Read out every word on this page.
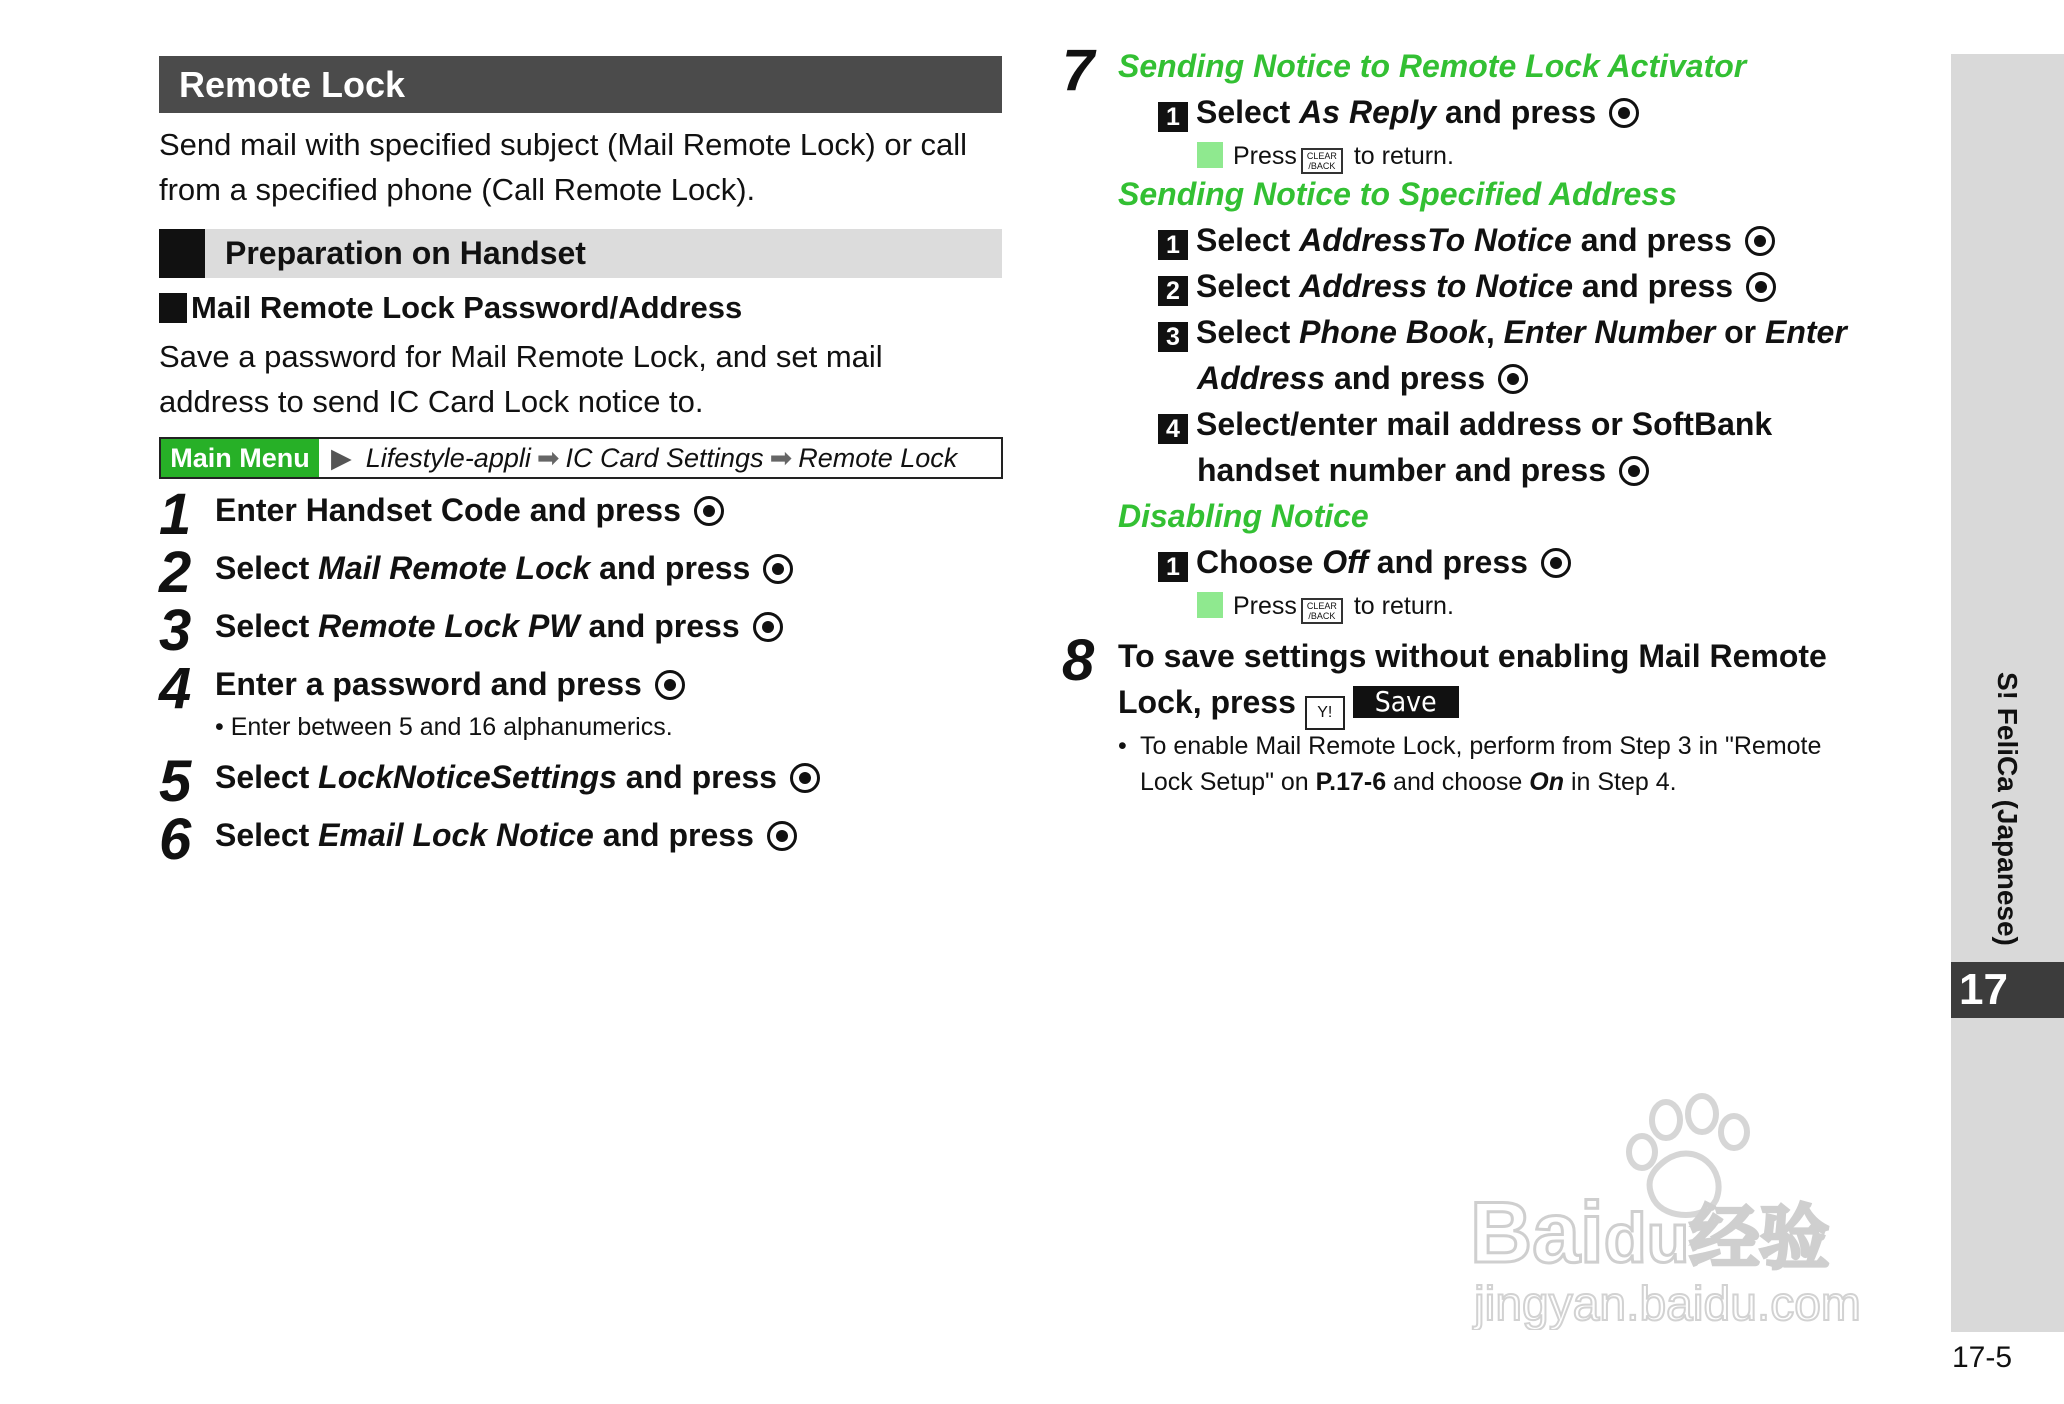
Remote Lock
Send mail with specified subject (Mail Remote Lock) or call
from a specified phone (Call Remote Lock).
Preparation on Handset
Mail Remote Lock Password/Address
Save a password for Mail Remote Lock, and set mail
address to send IC Card Lock notice to.
Main Menu ▶ Lifestyle-appli ➡ IC Card Settings ➡ Remote Lock
1 Enter Handset Code and press
2 Select Mail Remote Lock and press
3 Select Remote Lock PW and press
4 Enter a password and press
• Enter between 5 and 16 alphanumerics.
5 Select LockNoticeSettings and press
6 Select Email Lock Notice and press
7 Sending Notice to Remote Lock Activator
1 Select As Reply and press
Press CLEAR
/BACK to return.
Sending Notice to Specified Address
1 Select AddressTo Notice and press
2 Select Address to Notice and press
3 Select Phone Book, Enter Number or Enter
Address and press
4 Select/enter mail address or SoftBank
handset number and press
Disabling Notice
1 Choose Off and press
Press CLEAR
/BACK to return.
8 To save settings without enabling Mail Remote
Lock, press Y! Save
• To enable Mail Remote Lock, perform from Step 3 in "Remote
Lock Setup" on P.17-6 and choose On in Step 4.	S! FeliCa (Japanese)
17
17-5
Baidu经验
jingyan.baidu.com
